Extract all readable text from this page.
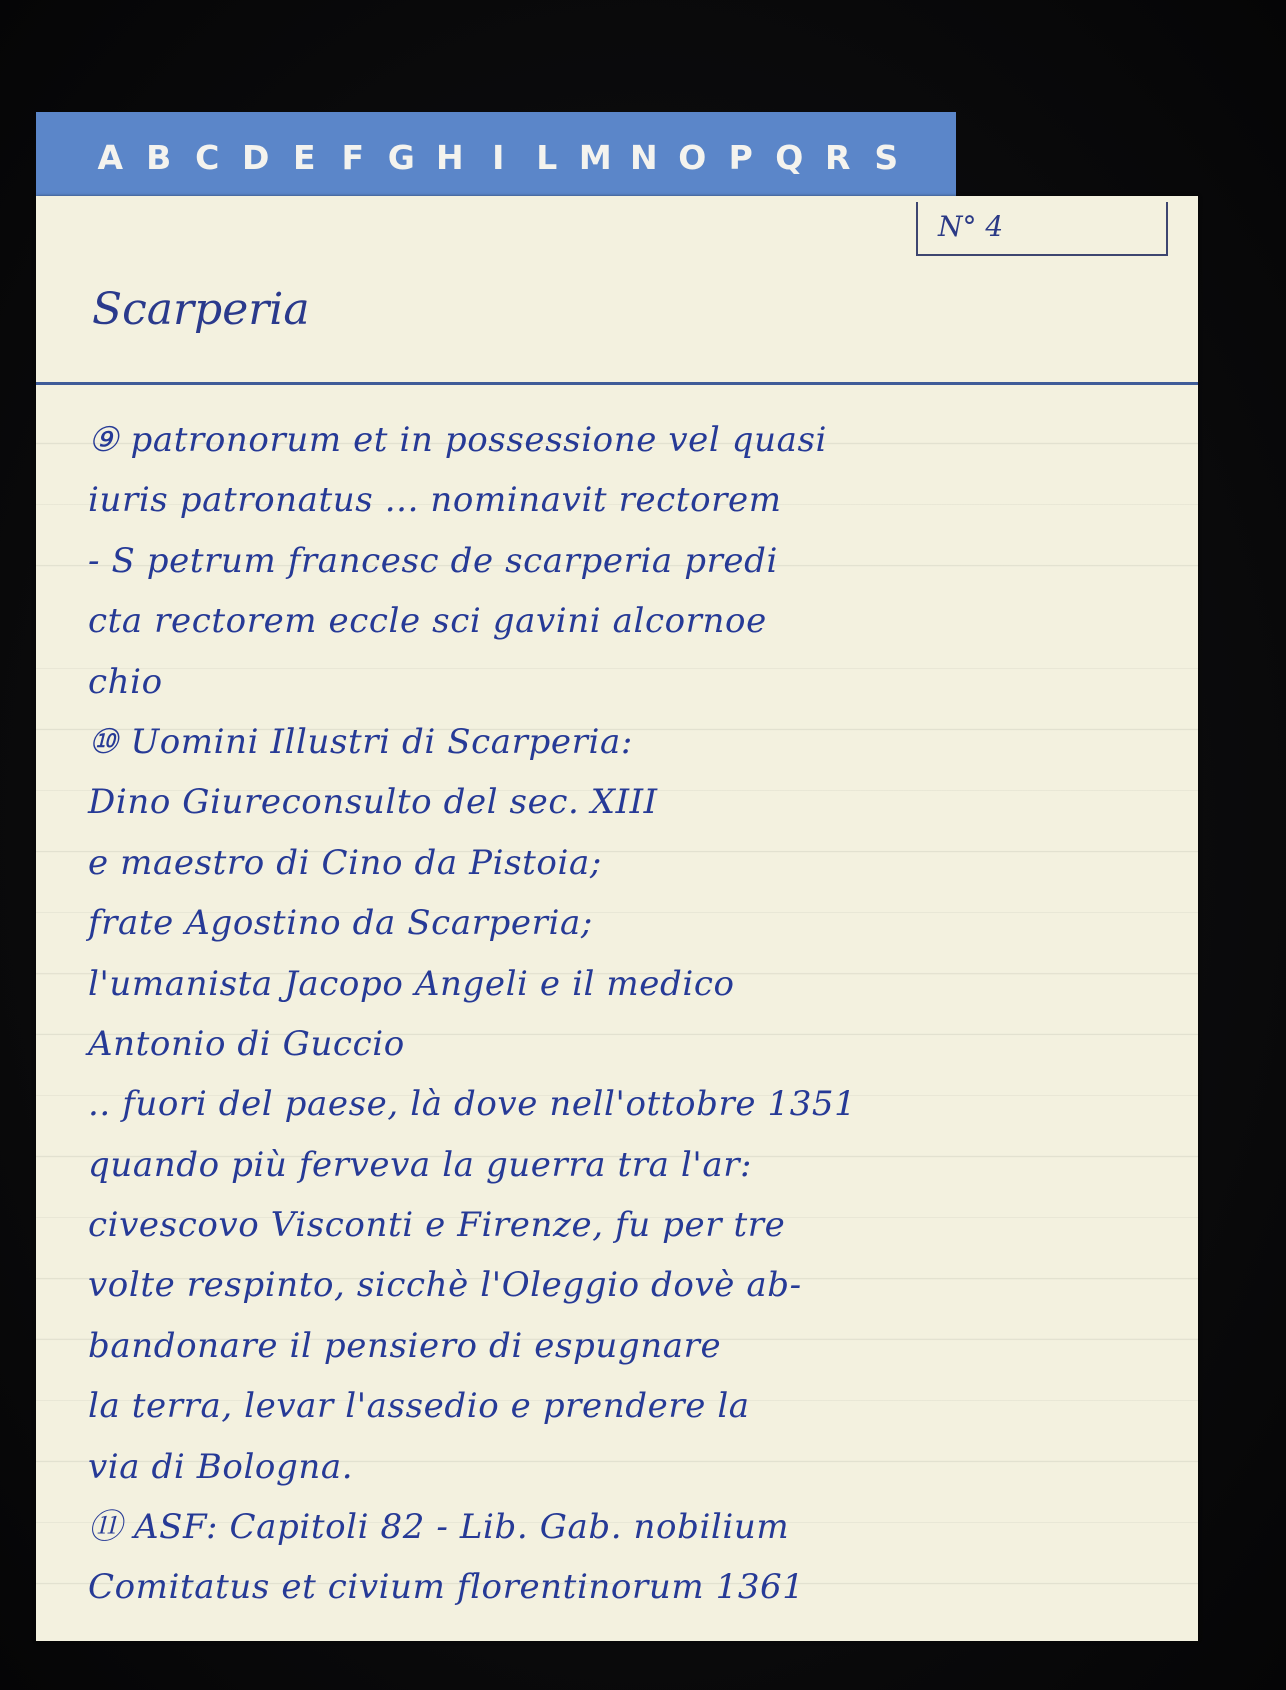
A B C D E F G H I L M N O P Q R S
N° 4
Scarperia
⑨ patronorum et in possessione vel quasi
iuris patronatus ... nominavit rectorem
- S petrum francesc de scarperia predi
cta rectorem eccle sci gavini alcornoe
chio
⑩ Uomini Illustri di Scarperia:
Dino Giureconsulto del sec. XIII
e maestro di Cino da Pistoia;
frate Agostino da Scarperia;
l'umanista Jacopo Angeli e il medico
Antonio di Guccio
.. fuori del paese, là dove nell'ottobre 1351
quando più ferveva la guerra tra l'ar:
civescovo Visconti e Firenze, fu per tre
volte respinto, sicchè l'Oleggio dovè ab-
bandonare il pensiero di espugnare
la terra, levar l'assedio e prendere la
via di Bologna.
⑪ ASF: Capitoli 82 - Lib. Gab. nobilium
Comitatus et civium florentinorum 1361
